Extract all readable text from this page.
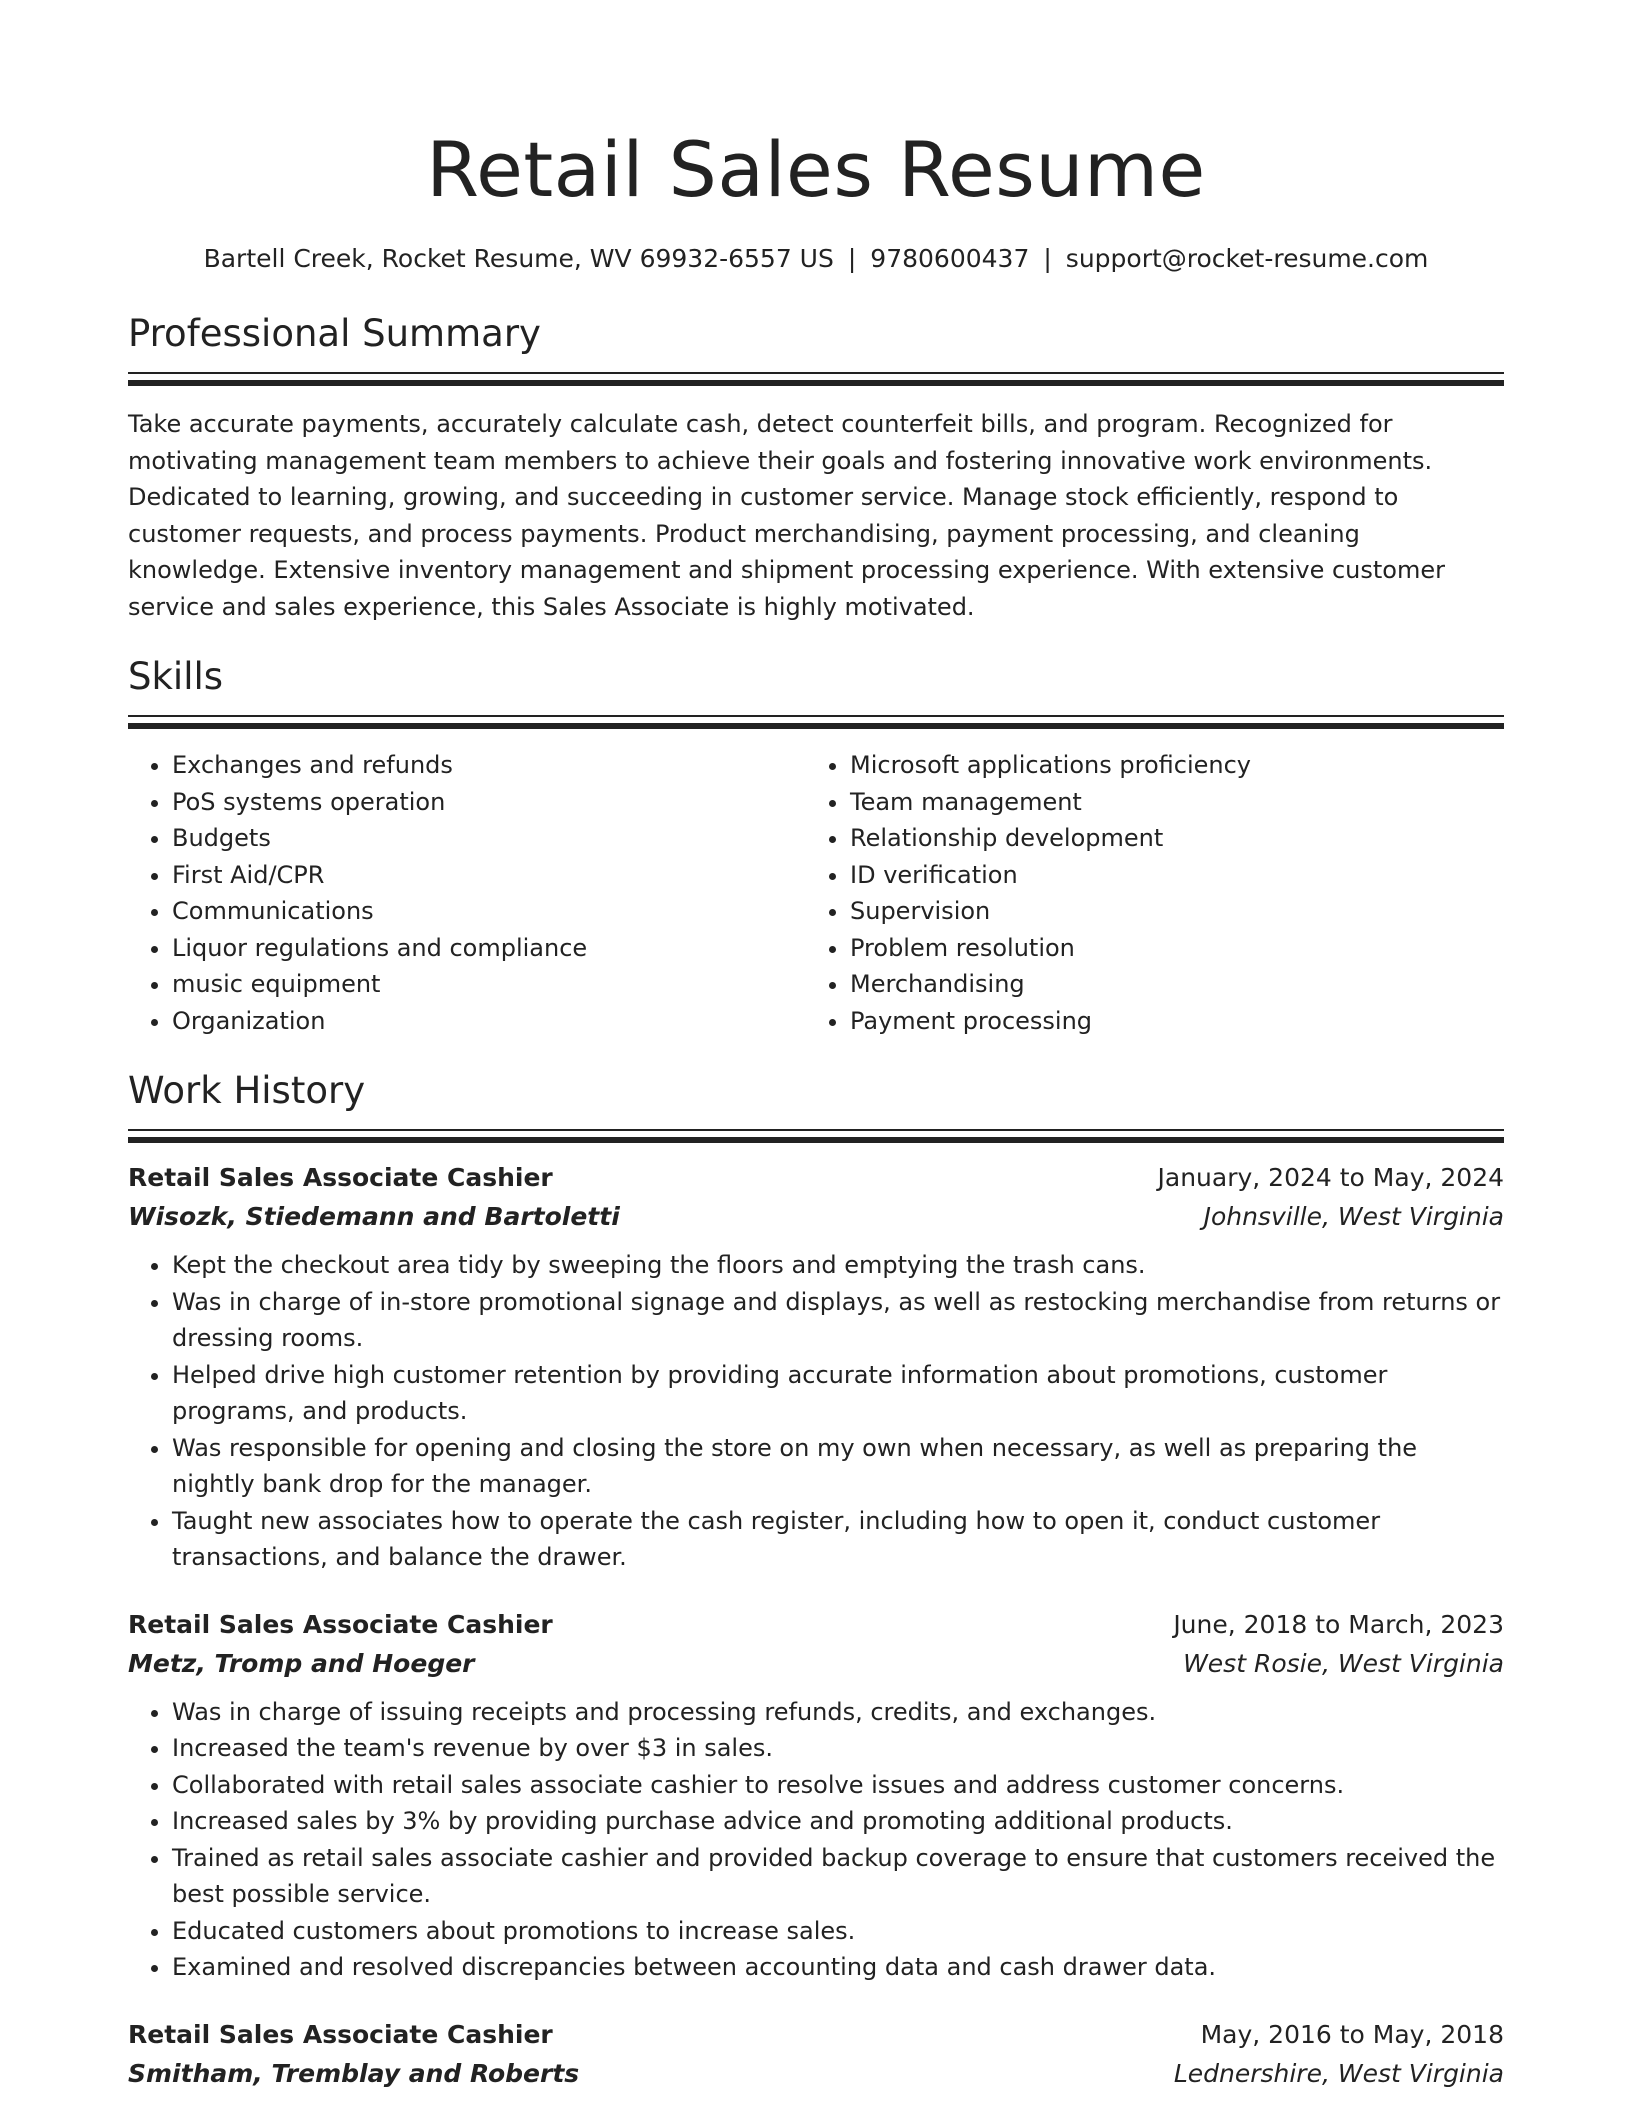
Retail Sales Resume
Bartell Creek, Rocket Resume, WV 69932-6557 US | 9780600437 | support@rocket-resume.com
Professional Summary
Take accurate payments, accurately calculate cash, detect counterfeit bills, and program. Recognized for motivating management team members to achieve their goals and fostering innovative work environments. Dedicated to learning, growing, and succeeding in customer service. Manage stock efficiently, respond to customer requests, and process payments. Product merchandising, payment processing, and cleaning knowledge. Extensive inventory management and shipment processing experience. With extensive customer service and sales experience, this Sales Associate is highly motivated.
Skills
• Exchanges and refunds
• PoS systems operation
• Budgets
• First Aid/CPR
• Communications
• Liquor regulations and compliance
• music equipment
• Organization
• Microsoft applications proficiency
• Team management
• Relationship development
• ID verification
• Supervision
• Problem resolution
• Merchandising
• Payment processing
Work History
Retail Sales Associate Cashier	January, 2024 to May, 2024
Wisozk, Stiedemann and Bartoletti	Johnsville, West Virginia
• Kept the checkout area tidy by sweeping the floors and emptying the trash cans.
• Was in charge of in-store promotional signage and displays, as well as restocking merchandise from returns or dressing rooms.
• Helped drive high customer retention by providing accurate information about promotions, customer programs, and products.
• Was responsible for opening and closing the store on my own when necessary, as well as preparing the nightly bank drop for the manager.
• Taught new associates how to operate the cash register, including how to open it, conduct customer transactions, and balance the drawer.
Retail Sales Associate Cashier	June, 2018 to March, 2023
Metz, Tromp and Hoeger	West Rosie, West Virginia
• Was in charge of issuing receipts and processing refunds, credits, and exchanges.
• Increased the team's revenue by over $3 in sales.
• Collaborated with retail sales associate cashier to resolve issues and address customer concerns.
• Increased sales by 3% by providing purchase advice and promoting additional products.
• Trained as retail sales associate cashier and provided backup coverage to ensure that customers received the best possible service.
• Educated customers about promotions to increase sales.
• Examined and resolved discrepancies between accounting data and cash drawer data.
Retail Sales Associate Cashier	May, 2016 to May, 2018
Smitham, Tremblay and Roberts	Lednershire, West Virginia
